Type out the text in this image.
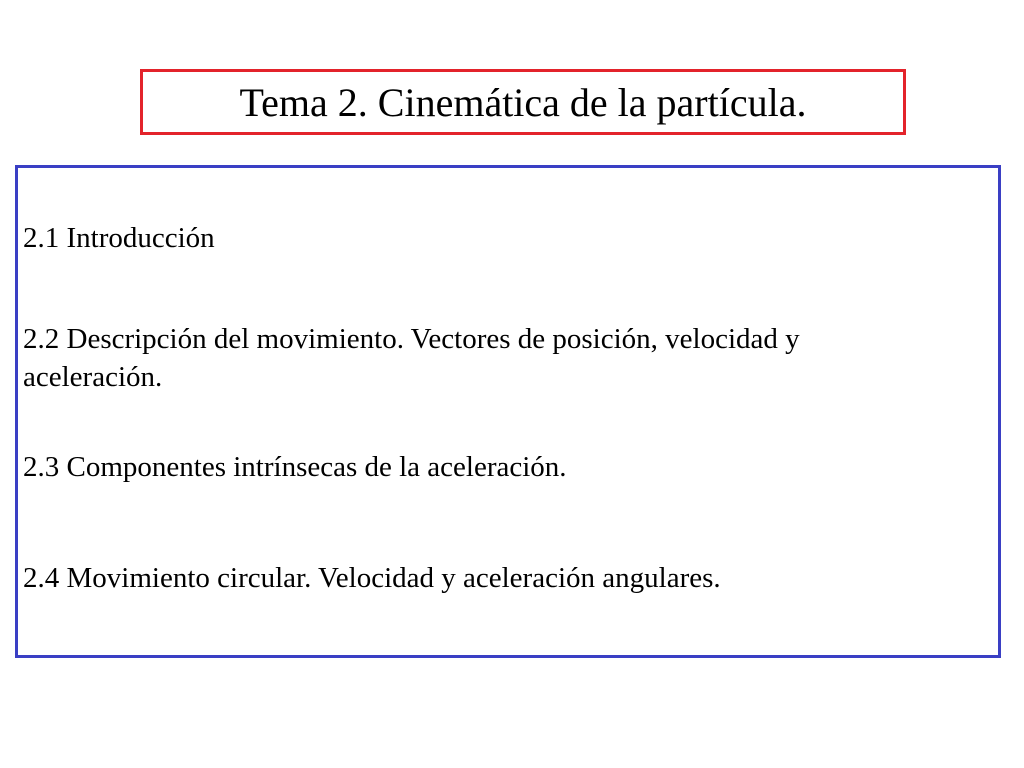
Tema 2. Cinemática de la partícula.
2.1 Introducción
2.2 Descripción del movimiento. Vectores de posición, velocidad y
aceleración.
2.3 Componentes intrínsecas de la aceleración.
2.4 Movimiento circular. Velocidad y aceleración angulares.
